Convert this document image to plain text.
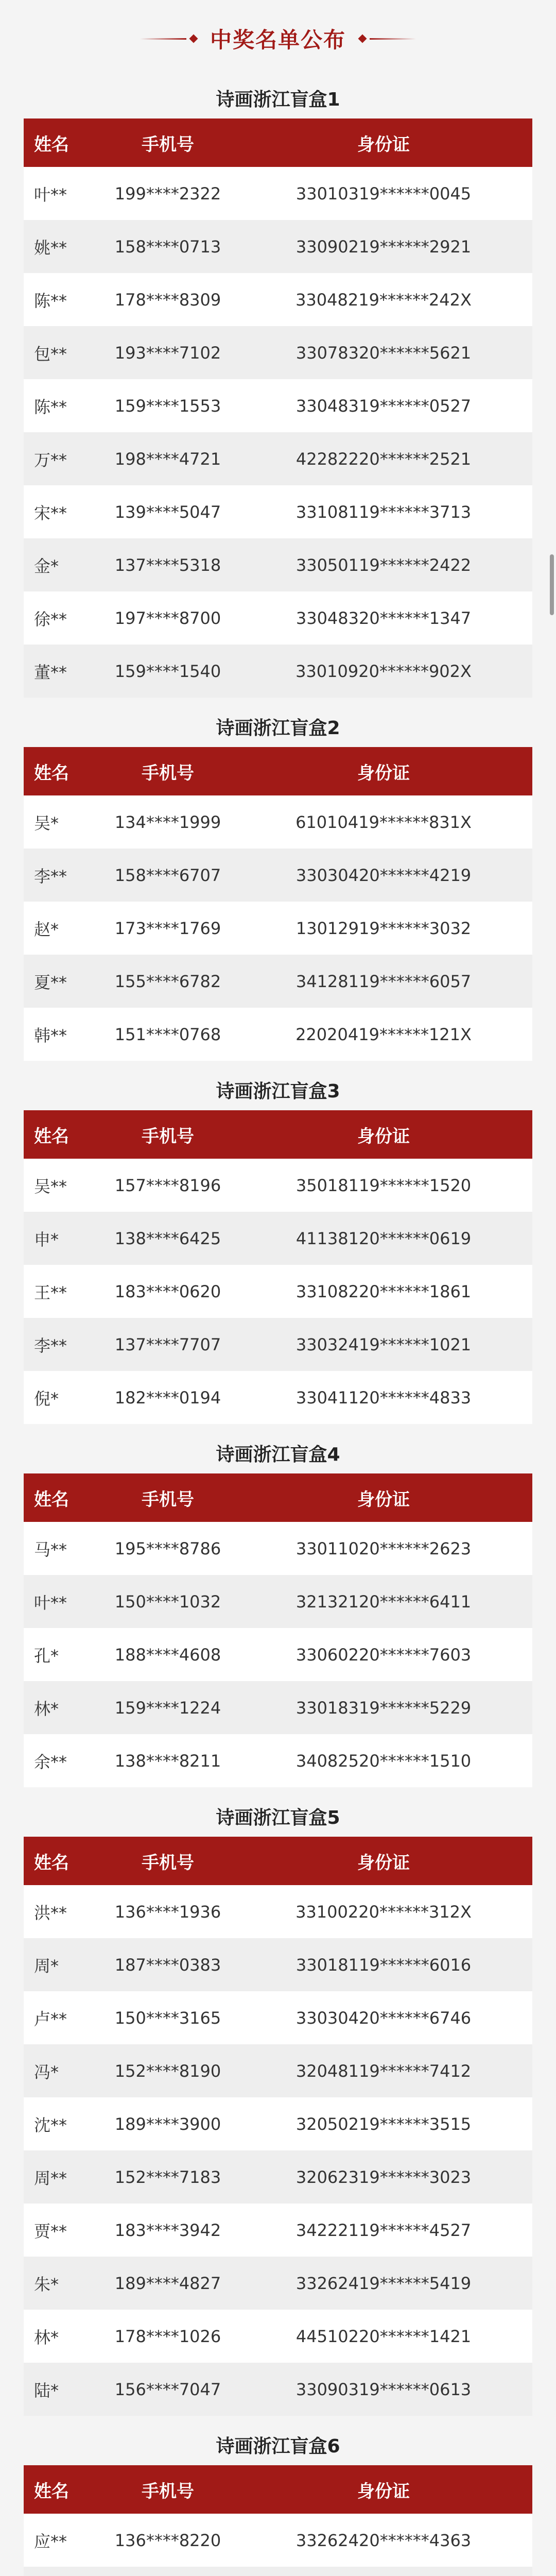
中奖名单公布
诗画浙江盲盒1
姓名	手机号	身份证
叶**	199****2322	33010319******0045
姚**	158****0713	33090219******2921
陈**	178****8309	33048219******242X
包**	193****7102	33078320******5621
陈**	159****1553	33048319******0527
万**	198****4721	42282220******2521
宋**	139****5047	33108119******3713
金*	137****5318	33050119******2422
徐**	197****8700	33048320******1347
董**	159****1540	33010920******902X
诗画浙江盲盒2
姓名	手机号	身份证
吴*	134****1999	61010419******831X
李**	158****6707	33030420******4219
赵*	173****1769	13012919******3032
夏**	155****6782	34128119******6057
韩**	151****0768	22020419******121X
诗画浙江盲盒3
姓名	手机号	身份证
吴**	157****8196	35018119******1520
申*	138****6425	41138120******0619
王**	183****0620	33108220******1861
李**	137****7707	33032419******1021
倪*	182****0194	33041120******4833
诗画浙江盲盒4
姓名	手机号	身份证
马**	195****8786	33011020******2623
叶**	150****1032	32132120******6411
孔*	188****4608	33060220******7603
林*	159****1224	33018319******5229
余**	138****8211	34082520******1510
诗画浙江盲盒5
姓名	手机号	身份证
洪**	136****1936	33100220******312X
周*	187****0383	33018119******6016
卢**	150****3165	33030420******6746
冯*	152****8190	32048119******7412
沈**	189****3900	32050219******3515
周**	152****7183	32062319******3023
贾**	183****3942	34222119******4527
朱*	189****4827	33262419******5419
林*	178****1026	44510220******1421
陆*	156****7047	33090319******0613
诗画浙江盲盒6
姓名	手机号	身份证
应**	136****8220	33262420******4363
